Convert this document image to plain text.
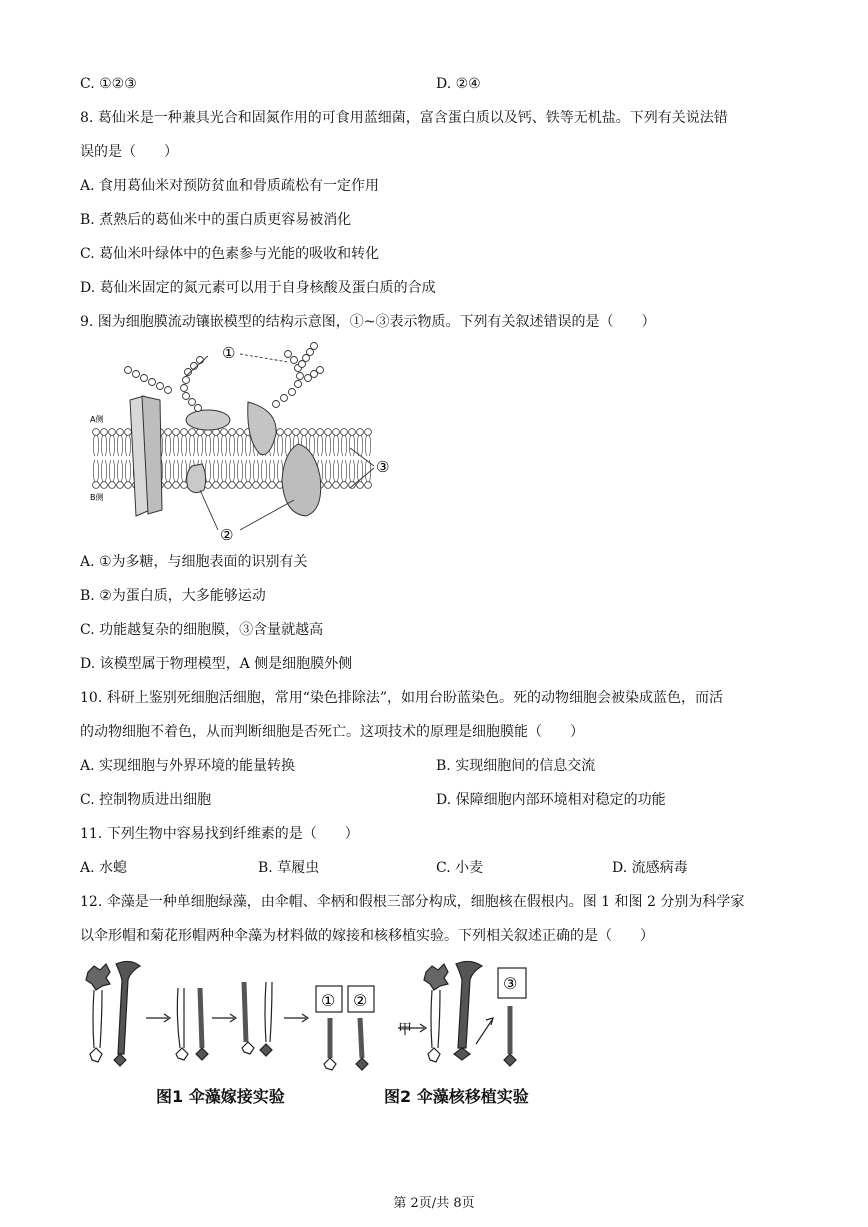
C. ①②③	D. ②④
8. 葛仙米是一种兼具光合和固氮作用的可食用蓝细菌，富含蛋白质以及钙、铁等无机盐。下列有关说法错
误的是（　　）
A. 食用葛仙米对预防贫血和骨质疏松有一定作用
B. 煮熟后的葛仙米中的蛋白质更容易被消化
C. 葛仙米叶绿体中的色素参与光能的吸收和转化
D. 葛仙米固定的氮元素可以用于自身核酸及蛋白质的合成
9. 图为细胞膜流动镶嵌模型的结构示意图，①~③表示物质。下列有关叙述错误的是（　　）
①
②
③
A侧
B侧
A. ①为多糖，与细胞表面的识别有关
B. ②为蛋白质，大多能够运动
C. 功能越复杂的细胞膜，③含量就越高
D. 该模型属于物理模型，A 侧是细胞膜外侧
10. 科研上鉴别死细胞活细胞，常用“染色排除法”，如用台盼蓝染色。死的动物细胞会被染成蓝色，而活
的动物细胞不着色，从而判断细胞是否死亡。这项技术的原理是细胞膜能（　　）
A. 实现细胞与外界环境的能量转换	B. 实现细胞间的信息交流
C. 控制物质进出细胞	D. 保障细胞内部环境相对稳定的功能
11. 下列生物中容易找到纤维素的是（　　）
A. 水螅	B. 草履虫	C. 小麦	D. 流感病毒
12. 伞藻是一种单细胞绿藻，由伞帽、伞柄和假根三部分构成，细胞核在假根内。图 1 和图 2 分别为科学家
以伞形帽和菊花形帽两种伞藻为材料做的嫁接和核移植实验。下列相关叙述正确的是（　　）
① ②
③
甲
图1 伞藻嫁接实验	图2 伞藻核移植实验
第 2页/共 8页
